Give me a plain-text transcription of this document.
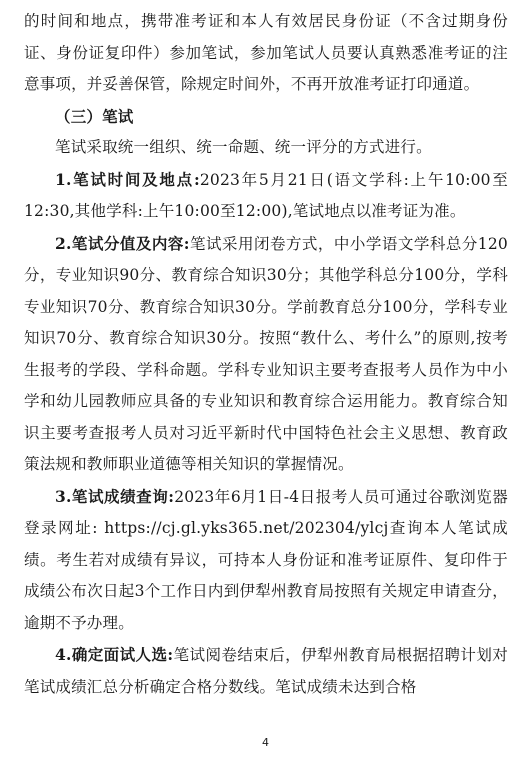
的时间和地点，携带准考证和本人有效居民身份证（不含过期身份证、身份证复印件）参加笔试，参加笔试人员要认真熟悉准考证的注意事项，并妥善保管，除规定时间外，不再开放准考证打印通道。

（三）笔试

笔试采取统一组织、统一命题、统一评分的方式进行。

1.笔试时间及地点:2023年5月21日(语文学科:上午10:00至12:30,其他学科:上午10:00至12:00),笔试地点以准考证为准。

2.笔试分值及内容:笔试采用闭卷方式，中小学语文学科总分120分，专业知识90分、教育综合知识30分；其他学科总分100分，学科专业知识70分、教育综合知识30分。学前教育总分100分，学科专业知识70分、教育综合知识30分。按照“教什么、考什么”的原则,按考生报考的学段、学科命题。学科专业知识主要考查报考人员作为中小学和幼儿园教师应具备的专业知识和教育综合运用能力。教育综合知识主要考查报考人员对习近平新时代中国特色社会主义思想、教育政策法规和教师职业道德等相关知识的掌握情况。

3.笔试成绩查询:2023年6月1日-4日报考人员可通过谷歌浏览器登录网址: https://cj.gl.yks365.net/202304/ylcj查询本人笔试成绩。考生若对成绩有异议，可持本人身份证和准考证原件、复印件于成绩公布次日起3个工作日内到伊犁州教育局按照有关规定申请查分，逾期不予办理。

4.确定面试人选:笔试阅卷结束后，伊犁州教育局根据招聘计划对笔试成绩汇总分析确定合格分数线。笔试成绩未达到合格

4
